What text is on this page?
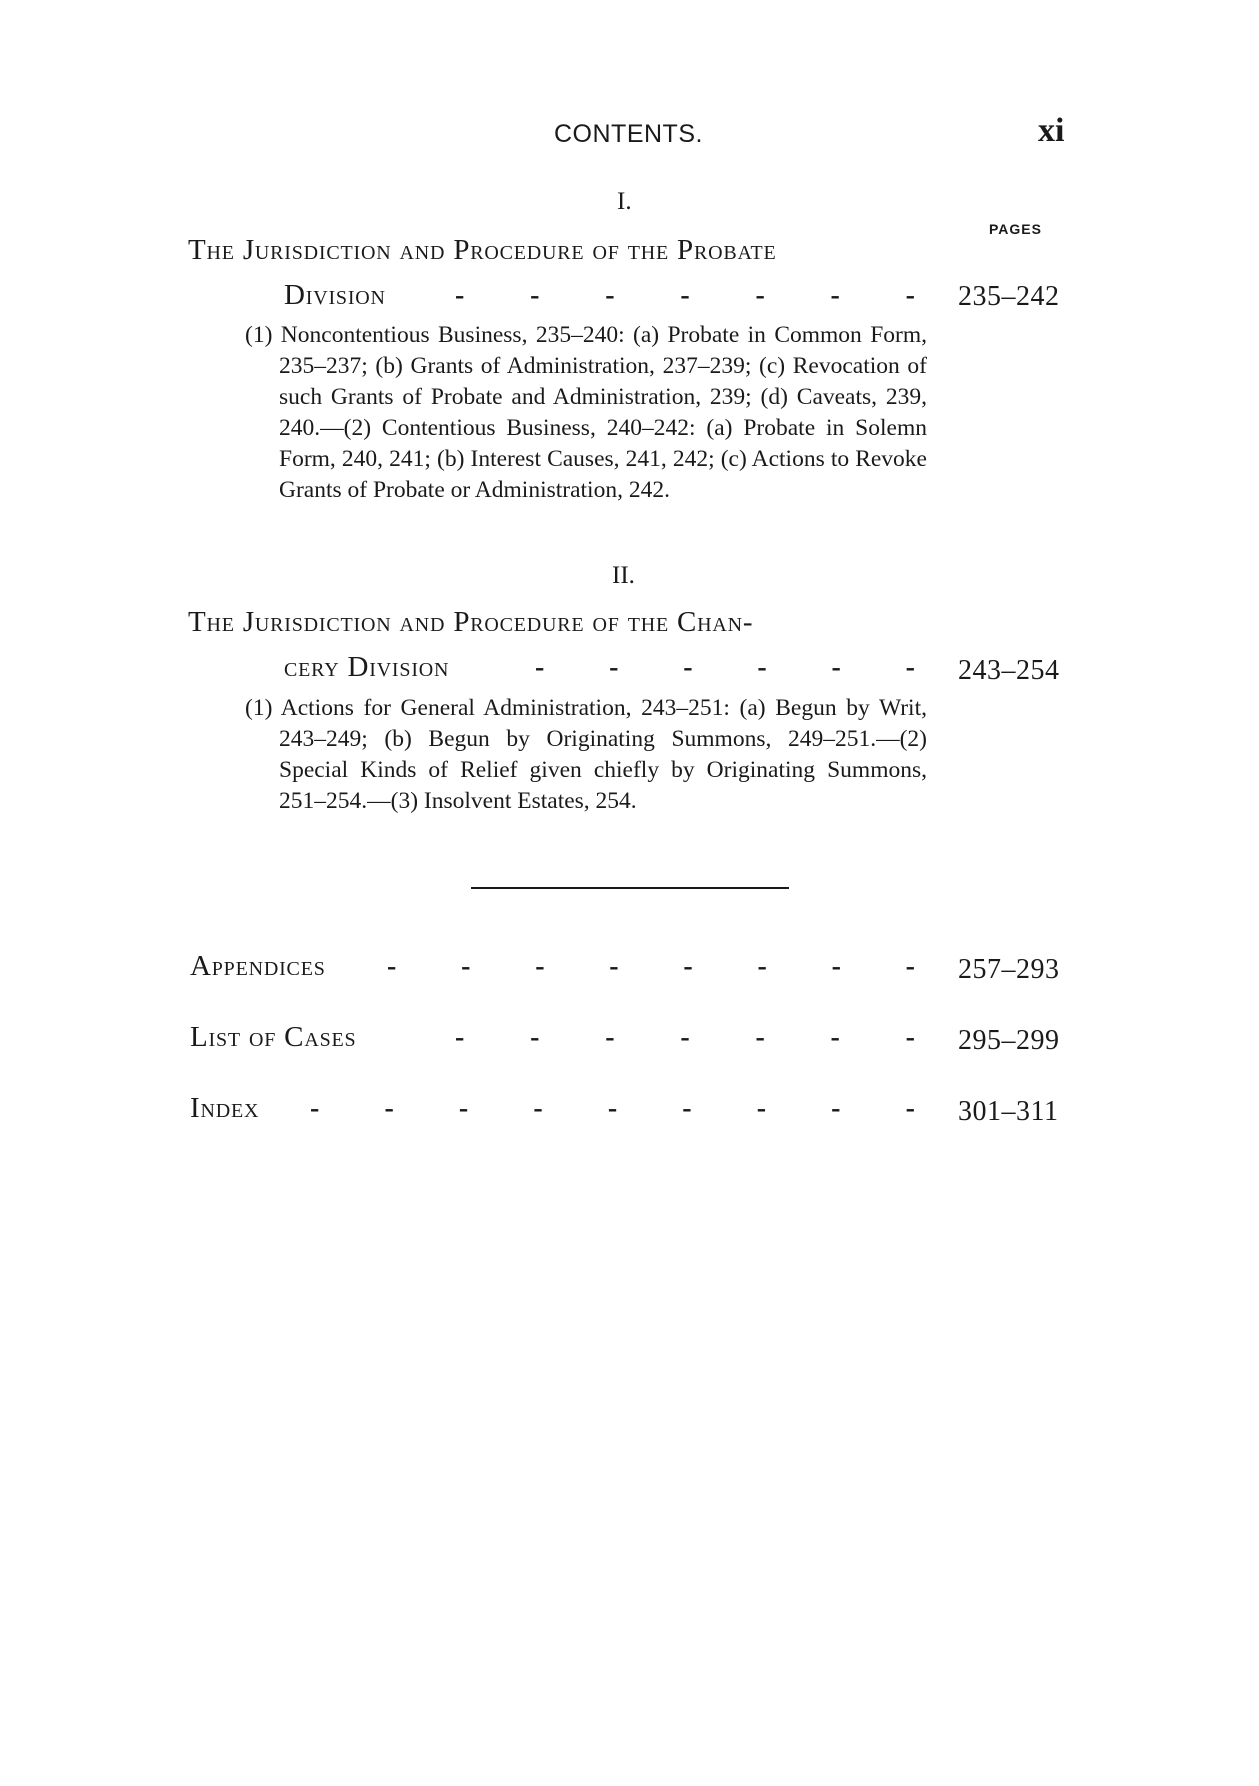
CONTENTS.	xi
I.
PAGES
The Jurisdiction and Procedure of the Probate
Division - - - - - - - 235–242
(1) Noncontentious Business, 235–240: (a) Probate in Common Form, 235–237; (b) Grants of Administration, 237–239; (c) Revocation of such Grants of Probate and Administration, 239; (d) Caveats, 239, 240.—(2) Contentious Business, 240–242: (a) Probate in Solemn Form, 240, 241; (b) Interest Causes, 241, 242; (c) Actions to Revoke Grants of Probate or Administration, 242.
II.
The Jurisdiction and Procedure of the Chan-
cery Division	- - - - - - 243–254
(1) Actions for General Administration, 243–251: (a) Begun by Writ, 243–249; (b) Begun by Originating Summons, 249–251.—(2) Special Kinds of Relief given chiefly by Originating Summons, 251–254.—(3) Insolvent Estates, 254.
Appendices - - - - - - - - 257–293
List of Cases	- - - - - - - 295–299
Index - - - - - - - - - 301–311
